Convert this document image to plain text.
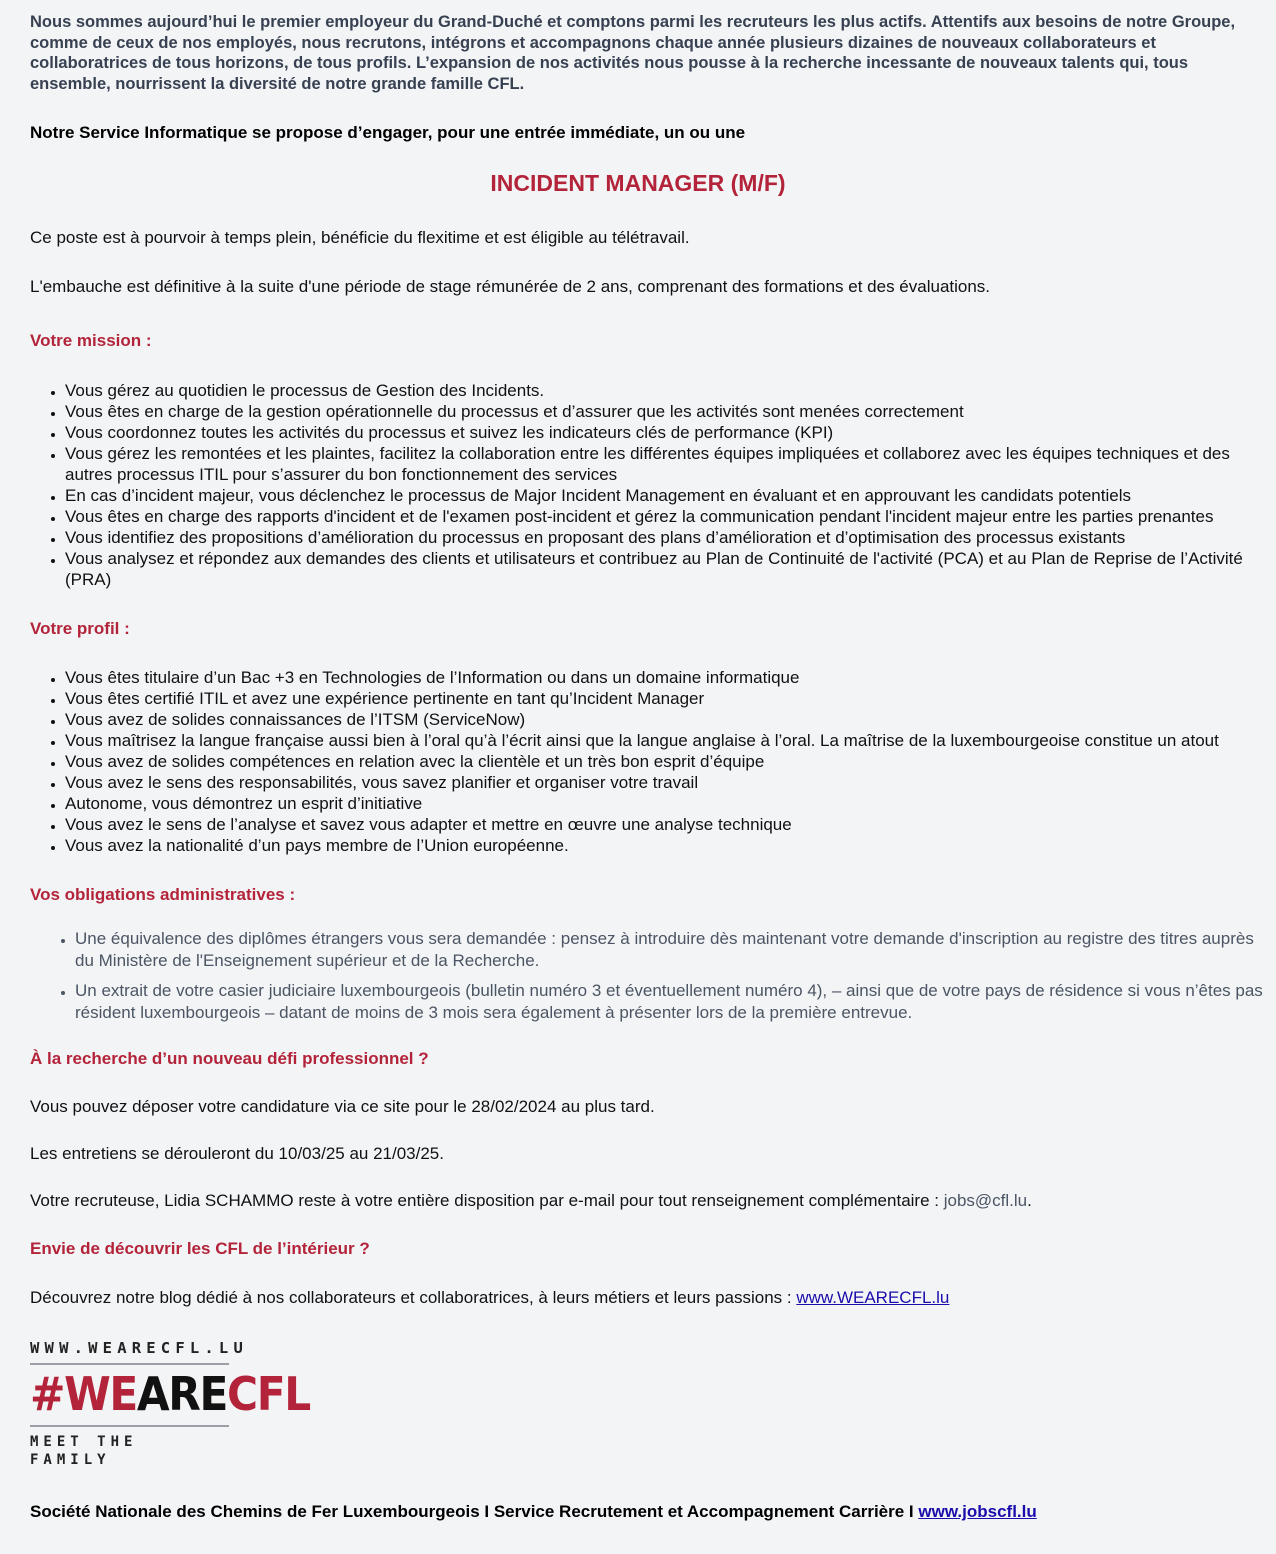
Nous sommes aujourd’hui le premier employeur du Grand-Duché et comptons parmi les recruteurs les plus actifs. Attentifs aux besoins de notre Groupe, comme de ceux de nos employés, nous recrutons, intégrons et accompagnons chaque année plusieurs dizaines de nouveaux collaborateurs et collaboratrices de tous horizons, de tous profils. L’expansion de nos activités nous pousse à la recherche incessante de nouveaux talents qui, tous ensemble, nourrissent la diversité de notre grande famille CFL.

Notre Service Informatique se propose d’engager, pour une entrée immédiate, un ou une

INCIDENT MANAGER (M/F)

Ce poste est à pourvoir à temps plein, bénéficie du flexitime et est éligible au télétravail.

L'embauche est définitive à la suite d'une période de stage rémunérée de 2 ans, comprenant des formations et des évaluations.

Votre mission :
• Vous gérez au quotidien le processus de Gestion des Incidents.
• Vous êtes en charge de la gestion opérationnelle du processus et d’assurer que les activités sont menées correctement
• Vous coordonnez toutes les activités du processus et suivez les indicateurs clés de performance (KPI)
• Vous gérez les remontées et les plaintes, facilitez la collaboration entre les différentes équipes impliquées et collaborez avec les équipes techniques et des autres processus ITIL pour s’assurer du bon fonctionnement des services
• En cas d’incident majeur, vous déclenchez le processus de Major Incident Management en évaluant et en approuvant les candidats potentiels
• Vous êtes en charge des rapports d'incident et de l'examen post-incident et gérez la communication pendant l'incident majeur entre les parties prenantes
• Vous identifiez des propositions d’amélioration du processus en proposant des plans d’amélioration et d’optimisation des processus existants
• Vous analysez et répondez aux demandes des clients et utilisateurs et contribuez au Plan de Continuité de l'activité (PCA) et au Plan de Reprise de l’Activité (PRA)
Votre profil :
• Vous êtes titulaire d’un Bac +3 en Technologies de l’Information ou dans un domaine informatique
• Vous êtes certifié ITIL et avez une expérience pertinente en tant qu’Incident Manager
• Vous avez de solides connaissances de l’ITSM (ServiceNow)
• Vous maîtrisez la langue française aussi bien à l’oral qu’à l’écrit ainsi que la langue anglaise à l’oral. La maîtrise de la luxembourgeoise constitue un atout
• Vous avez de solides compétences en relation avec la clientèle et un très bon esprit d’équipe
• Vous avez le sens des responsabilités, vous savez planifier et organiser votre travail
• Autonome, vous démontrez un esprit d’initiative
• Vous avez le sens de l’analyse et savez vous adapter et mettre en œuvre une analyse technique
• Vous avez la nationalité d’un pays membre de l’Union européenne.
Vos obligations administratives :
• Une équivalence des diplômes étrangers vous sera demandée : pensez à introduire dès maintenant votre demande d'inscription au registre des titres auprès du Ministère de l'Enseignement supérieur et de la Recherche.
• Un extrait de votre casier judiciaire luxembourgeois (bulletin numéro 3 et éventuellement numéro 4), – ainsi que de votre pays de résidence si vous n’êtes pas résident luxembourgeois – datant de moins de 3 mois sera également à présenter lors de la première entrevue.
À la recherche d’un nouveau défi professionnel ?

Vous pouvez déposer votre candidature via ce site pour le 28/02/2024 au plus tard.

Les entretiens se dérouleront du 10/03/25 au 21/03/25.

Votre recruteuse, Lidia SCHAMMO reste à votre entière disposition par e-mail pour tout renseignement complémentaire : jobs@cfl.lu.

Envie de découvrir les CFL de l’intérieur ?

Découvrez notre blog dédié à nos collaborateurs et collaboratrices, à leurs métiers et leurs passions : www.WEARECFL.lu

WWW.WEARECFL.LU
#WEARECFL
MEET THE FAMILY

Société Nationale des Chemins de Fer Luxembourgeois I Service Recrutement et Accompagnement Carrière I www.jobscfl.lu
